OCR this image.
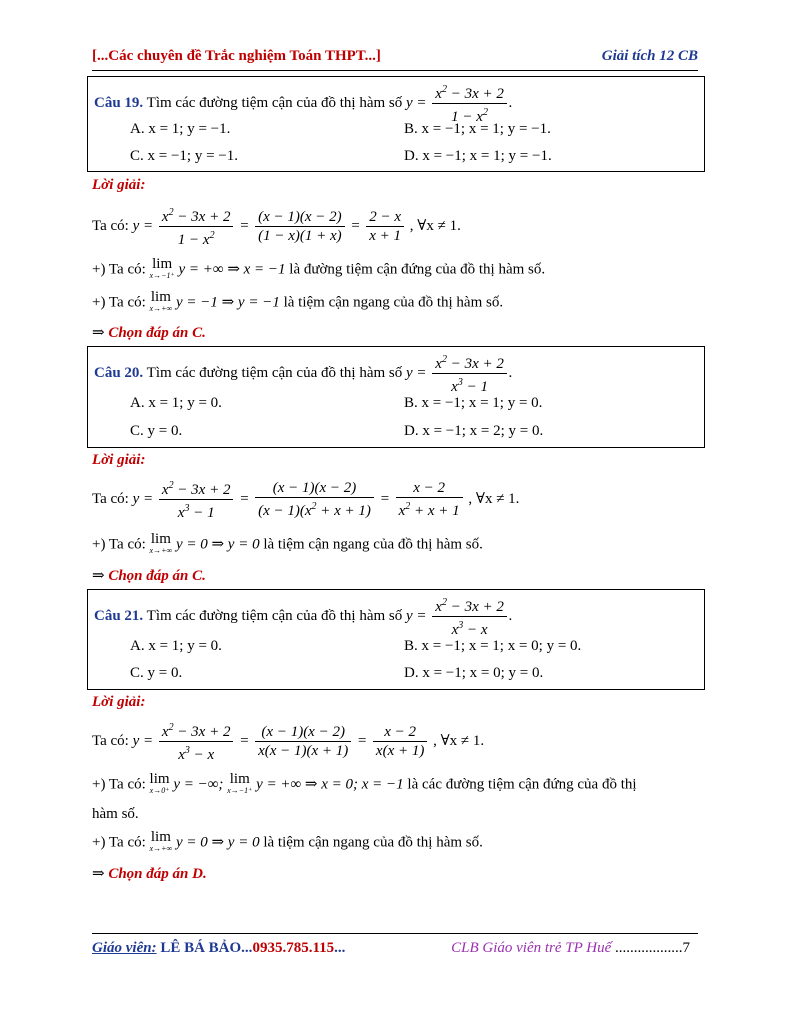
[...Các chuyên đề Trắc nghiệm Toán THPT...]	Giải tích 12 CB
Câu 19. Tìm các đường tiệm cận của đồ thị hàm số $y = \frac{x^2 - 3x + 2}{1 - x^2}$ .
A. x = 1; y = −1.	B. x = −1; x = 1; y = −1.
C. x = −1; y = −1.	D. x = −1; x = 1; y = −1.
Lời giải:
Ta có: $y = \frac{x^2 - 3x + 2}{1 - x^2} = \frac{(x - 1)(x - 2)}{(1 - x)(1 + x)} = \frac{2 - x}{x + 1}$ , ∀x ≠ 1.
+) Ta có: lim
x→−1⁺ y = +∞ ⇒ x = −1 là đường tiệm cận đứng của đồ thị hàm số.
+) Ta có: lim
x→+∞ y = −1 ⇒ y = −1 là tiệm cận ngang của đồ thị hàm số.
⇒ Chọn đáp án C.
Câu 20. Tìm các đường tiệm cận của đồ thị hàm số $y = \frac{x^2 - 3x + 2}{x^3 - 1}$ .
A. x = 1; y = 0.	B. x = −1; x = 1; y = 0.
C. y = 0.	D. x = −1; x = 2; y = 0.
Lời giải:
Ta có: $y = \frac{x^2 - 3x + 2}{x^3 - 1} = \frac{(x - 1)(x - 2)}{(x - 1)(x^2 + x + 1)} = \frac{x - 2}{x^2 + x + 1}$ , ∀x ≠ 1.
+) Ta có: lim
x→+∞ y = 0 ⇒ y = 0 là tiệm cận ngang của đồ thị hàm số.
⇒ Chọn đáp án C.
Câu 21. Tìm các đường tiệm cận của đồ thị hàm số $y = \frac{x^2 - 3x + 2}{x^3 - x}$ .
A. x = 1; y = 0.	B. x = −1; x = 1; x = 0; y = 0.
C. y = 0.	D. x = −1; x = 0; y = 0.
Lời giải:
Ta có: $y = \frac{x^2 - 3x + 2}{x^3 - x} = \frac{(x - 1)(x - 2)}{x(x - 1)(x + 1)} = \frac{x - 2}{x(x + 1)}$ , ∀x ≠ 1.
+) Ta có: lim
x→0⁺ y = −∞; lim
x→−1⁺ y = +∞ ⇒ x = 0; x = −1 là các đường tiệm cận đứng của đồ thị
hàm số.
+) Ta có: lim
x→+∞ y = 0 ⇒ y = 0 là tiệm cận ngang của đồ thị hàm số.
⇒ Chọn đáp án D.
Giáo viên: LÊ BÁ BẢO...0935.785.115...	CLB Giáo viên trẻ TP Huế ..................7
